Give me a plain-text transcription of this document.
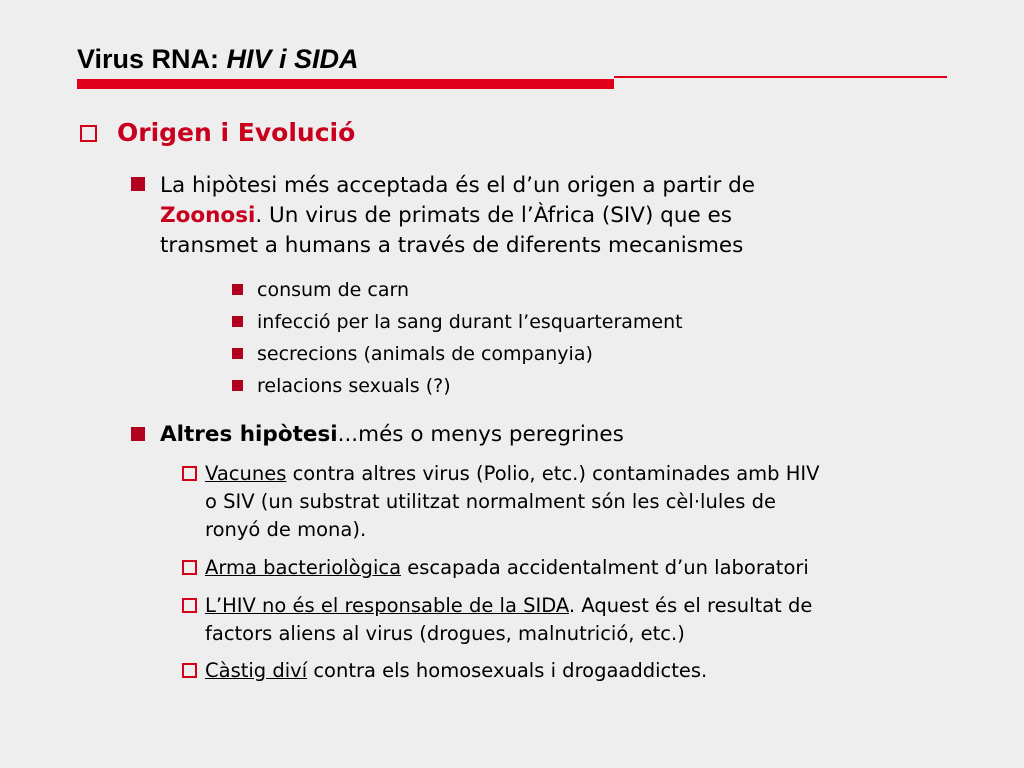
Virus RNA: HIV i SIDA
Origen i Evolució
La hipòtesi més acceptada és el d’un origen a partir de
Zoonosi. Un virus de primats de l’Àfrica (SIV) que es
transmet a humans a través de diferents mecanismes
consum de carn
infecció per la sang durant l’esquarterament
secrecions (animals de companyia)
relacions sexuals (?)
Altres hipòtesi...més o menys peregrines
Vacunes contra altres virus (Polio, etc.) contaminades amb HIV
o SIV (un substrat utilitzat normalment són les cèl·lules de
ronyó de mona).
Arma bacteriològica escapada accidentalment d’un laboratori
L’HIV no és el responsable de la SIDA. Aquest és el resultat de
factors aliens al virus (drogues, malnutrició, etc.)
Càstig diví contra els homosexuals i drogaaddictes.
